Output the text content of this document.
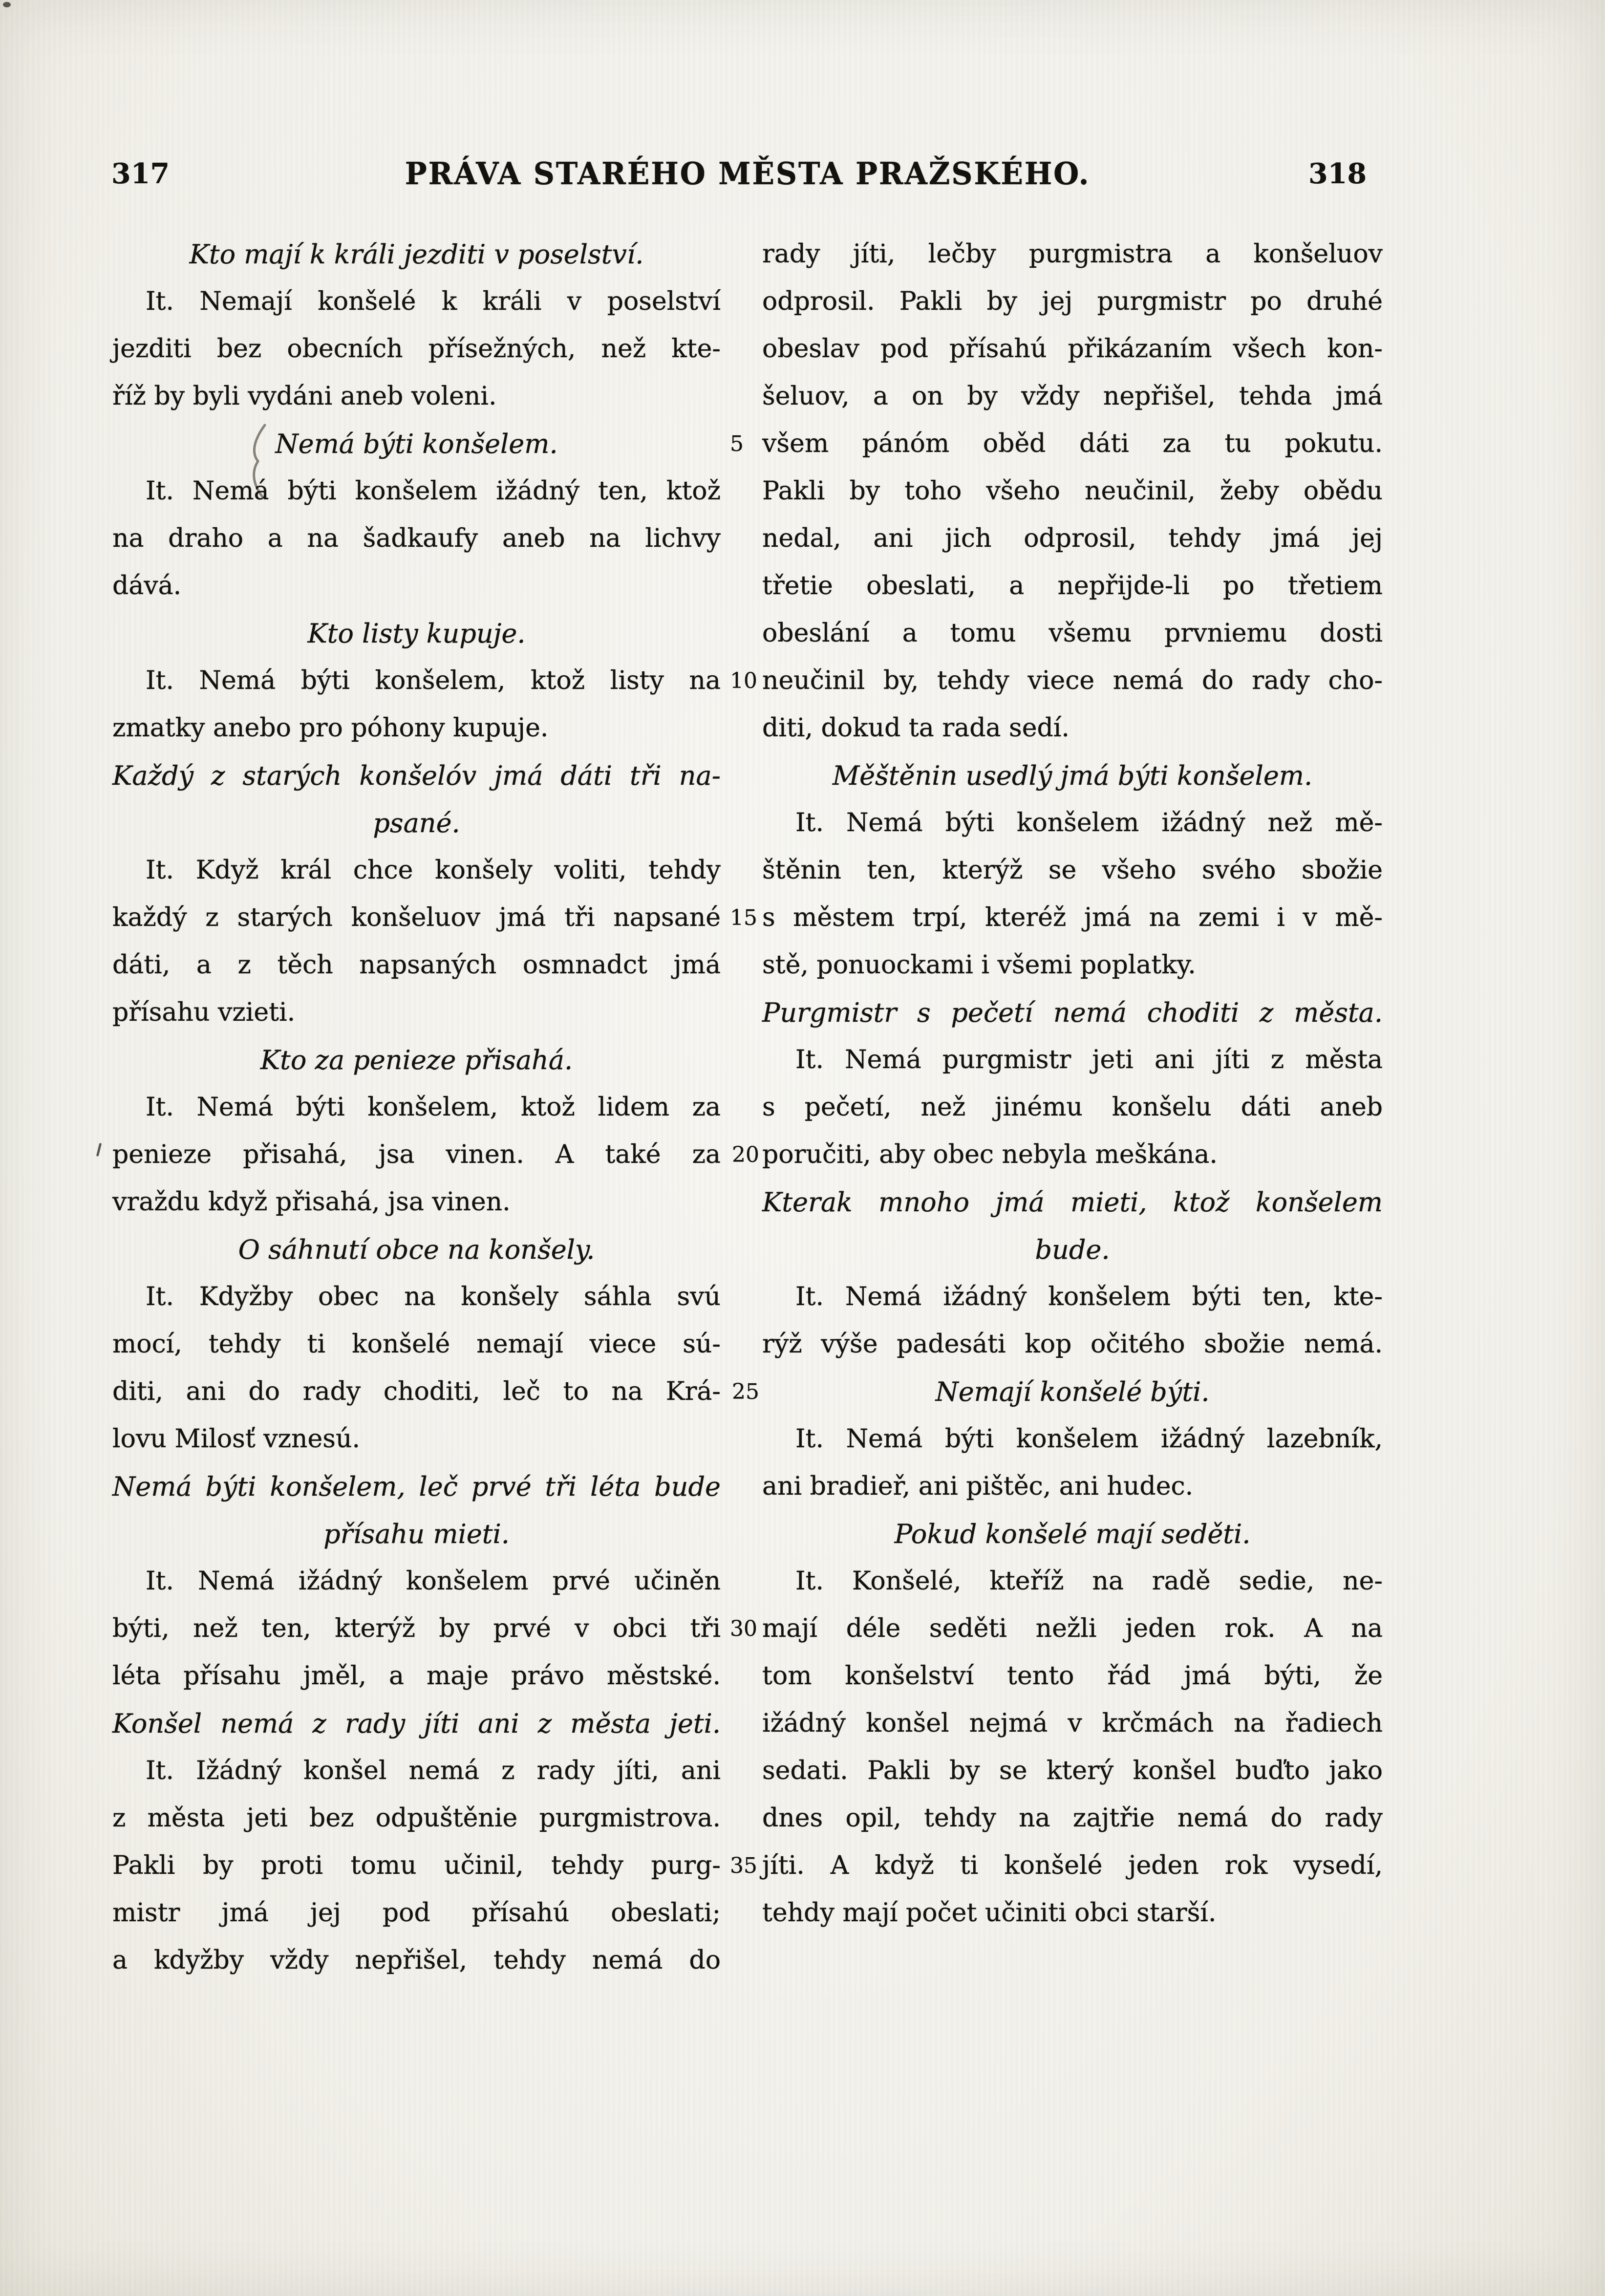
317	PRÁVA STARÉHO MĚSTA PRAŽSKÉHO.	318
Kto mají k králi jezditi v poselství.
It. Nemají konšelé k králi v poselství
jezditi bez obecních přísežných, než kte-
říž by byli vydáni aneb voleni.
Nemá býti konšelem.
It. Nemá býti konšelem ižádný ten, ktož
na draho a na šadkaufy aneb na lichvy
dává.
Kto listy kupuje.
It. Nemá býti konšelem, ktož listy na
zmatky anebo pro póhony kupuje.
Každý z starých konšelóv jmá dáti tři na-
psané.
It. Když král chce konšely voliti, tehdy
každý z starých konšeluov jmá tři napsané
dáti, a z těch napsaných osmnadct jmá
přísahu vzieti.
Kto za penieze přisahá.
It. Nemá býti konšelem, ktož lidem za
penieze přisahá, jsa vinen. A také za
vraždu když přisahá, jsa vinen.
O sáhnutí obce na konšely.
It. Kdyžby obec na konšely sáhla svú
mocí, tehdy ti konšelé nemají viece sú-
diti, ani do rady choditi, leč to na Krá-
lovu Milosť vznesú.
Nemá býti konšelem, leč prvé tři léta bude
přísahu mieti.
It. Nemá ižádný konšelem prvé učiněn
býti, než ten, kterýž by prvé v obci tři
léta přísahu jměl, a maje právo městské.
Konšel nemá z rady jíti ani z města jeti.
It. Ižádný konšel nemá z rady jíti, ani
z města jeti bez odpuštěnie purgmistrova.
Pakli by proti tomu učinil, tehdy purg-
mistr jmá jej pod přísahú obeslati;
a kdyžby vždy nepřišel, tehdy nemá do
rady jíti, lečby purgmistra a konšeluov
odprosil. Pakli by jej purgmistr po druhé
obeslav pod přísahú přikázaním všech kon-
šeluov, a on by vždy nepřišel, tehda jmá
5 všem pánóm oběd dáti za tu pokutu.
Pakli by toho všeho neučinil, žeby obědu
nedal, ani jich odprosil, tehdy jmá jej
třetie obeslati, a nepřijde-li po třetiem
obeslání a tomu všemu prvniemu dosti
10 neučinil by, tehdy viece nemá do rady cho-
diti, dokud ta rada sedí.
Měštěnin usedlý jmá býti konšelem.
It. Nemá býti konšelem ižádný než mě-
štěnin ten, kterýž se všeho svého sbožie
15 s městem trpí, kteréž jmá na zemi i v mě-
stě, ponuockami i všemi poplatky.
Purgmistr s pečetí nemá choditi z města.
It. Nemá purgmistr jeti ani jíti z města
s pečetí, než jinému konšelu dáti aneb
20 poručiti, aby obec nebyla meškána.
Kterak mnoho jmá mieti, ktož konšelem
bude.
It. Nemá ižádný konšelem býti ten, kte-
rýž výše padesáti kop očitého sbožie nemá.
25	Nemají konšelé býti.
It. Nemá býti konšelem ižádný lazebník,
ani bradieř, ani pištěc, ani hudec.
Pokud konšelé mají seděti.
It. Konšelé, kteříž na radě sedie, ne-
30 mají déle seděti nežli jeden rok. A na
tom konšelství tento řád jmá býti, že
ižádný konšel nejmá v krčmách na řadiech
sedati. Pakli by se který konšel buďto jako
dnes opil, tehdy na zajtřie nemá do rady
35 jíti. A když ti konšelé jeden rok vysedí,
tehdy mají počet učiniti obci starší.
